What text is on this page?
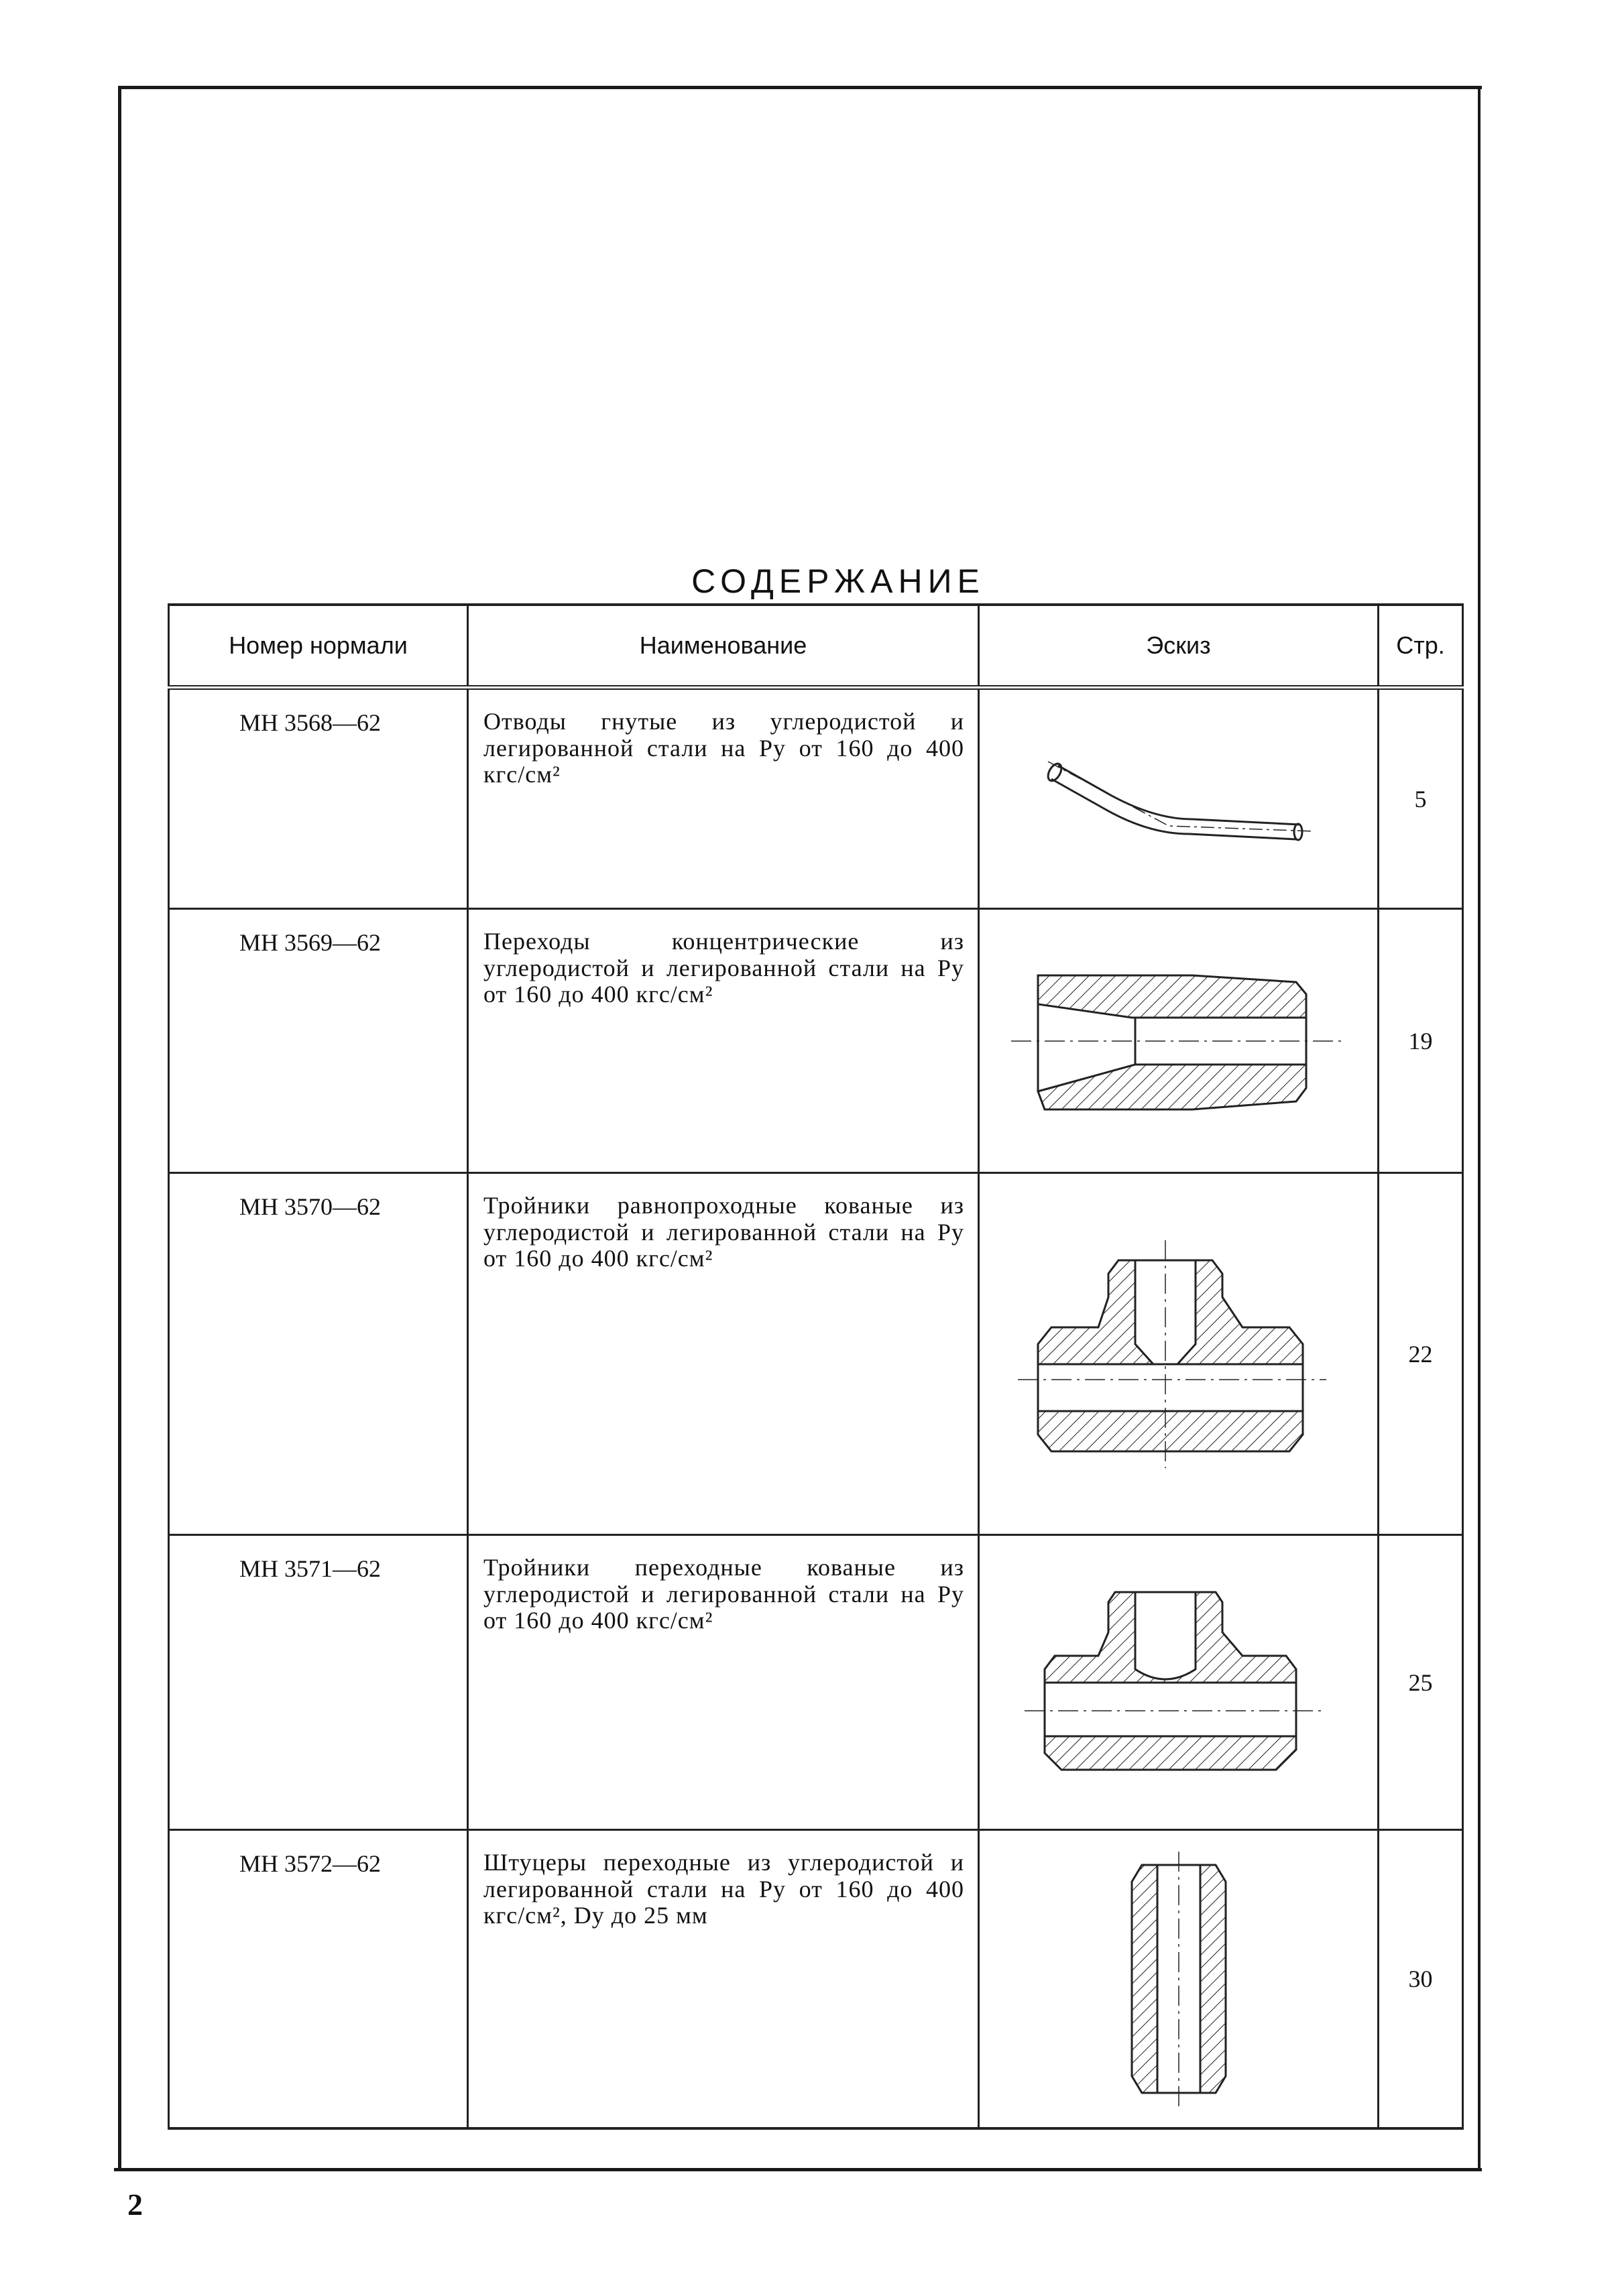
2
СОДЕРЖАНИЕ
Номер нормали	Наименование	Эскиз	Стр.
МН 3568—62	Отводы гнутые из углеродистой и легированной стали на Pу от 160 до 400 кгс/см²		5
МН 3569—62	Переходы концентрические из углеродистой и легированной стали на Pу от 160 до 400 кгс/см²		19
МН 3570—62	Тройники равнопроходные кованые из углеродистой и легированной стали на Pу от 160 до 400 кгс/см²		22
МН 3571—62	Тройники переходные кованые из углеродистой и легированной стали на Pу от 160 до 400 кгс/см²		25
МН 3572—62	Штуцеры переходные из углеродистой и легированной стали на Pу от 160 до 400 кгс/см², Dу до 25 мм		30
